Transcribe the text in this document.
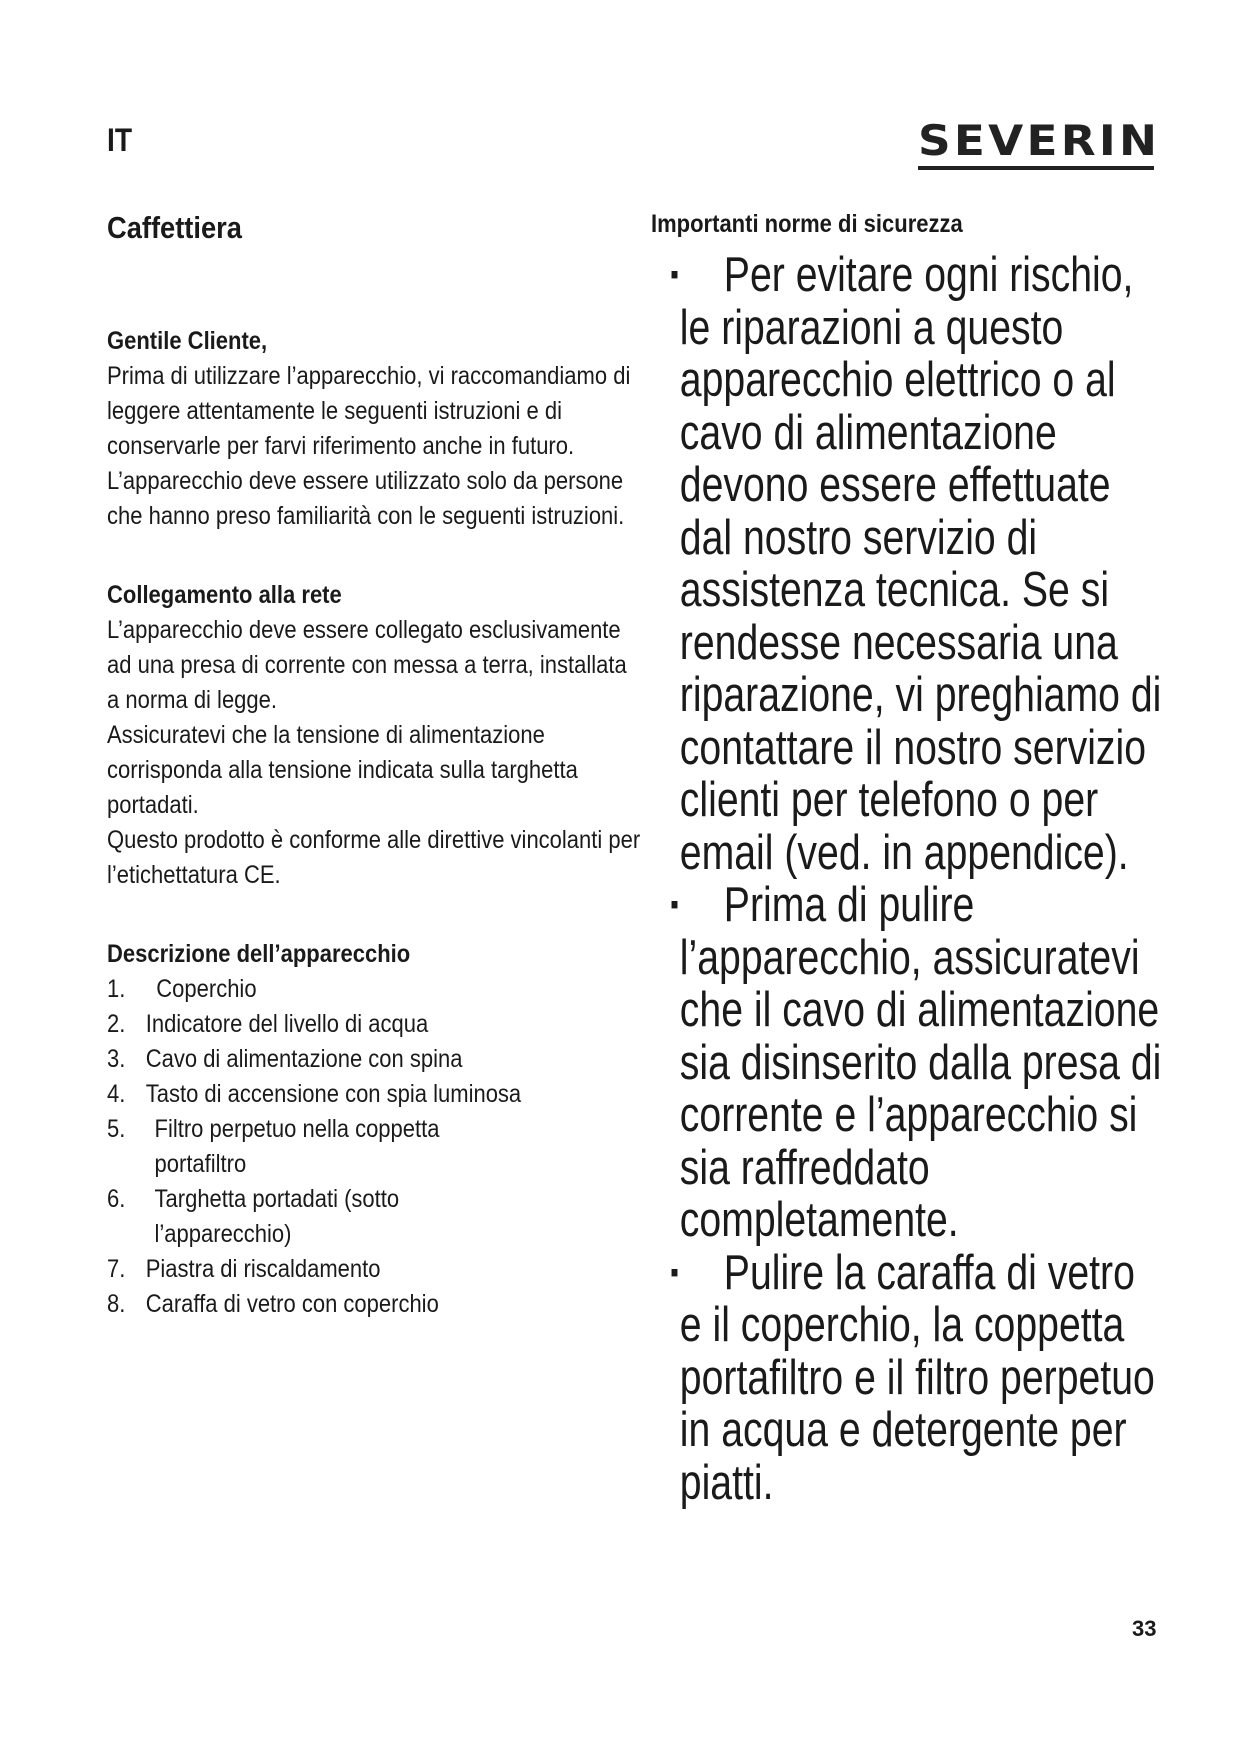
IT	SEVERIN
Caffettiera
Gentile Cliente,

Prima di utilizzare l’apparecchio, vi raccomandiamo di leggere attentamente le seguenti istruzioni e di conservarle per farvi riferimento anche in futuro. L’apparecchio deve essere utilizzato solo da persone che hanno preso familiarità con le seguenti istruzioni.

Collegamento alla rete

L’apparecchio deve essere collegato esclusivamente ad una presa di corrente con messa a terra, installata a norma di legge.

Assicuratevi che la tensione di alimentazione corrisponda alla tensione indicata sulla targhetta portadati.

Questo prodotto è conforme alle direttive vincolanti per l’etichettatura CE.

Descrizione dell’apparecchio
1.	Coperchio
2. Indicatore del livello di acqua
3. Cavo di alimentazione con spina
4. Tasto di accensione con spia luminosa
5.	Filtro perpetuo nella coppetta portafiltro
6.	Targhetta portadati (sotto l’apparecchio)
7. Piastra di riscaldamento
8. Caraffa di vetro con coperchio
Importanti norme di sicurezza
▪ Per evitare ogni rischio, le riparazioni a questo apparecchio elettrico o al cavo di alimentazione devono essere effettuate dal nostro servizio di assistenza tecnica. Se si rendesse necessaria una riparazione, vi preghiamo di contattare il nostro servizio clienti per telefono o per email (ved. in appendice).
▪ Prima di pulire l’apparecchio, assicuratevi che il cavo di alimentazione sia disinserito dalla presa di corrente e l’apparecchio si sia raffreddato completamente.
▪ Pulire la caraffa di vetro e il coperchio, la coppetta portafiltro e il filtro perpetuo in acqua e detergente per piatti.
33
